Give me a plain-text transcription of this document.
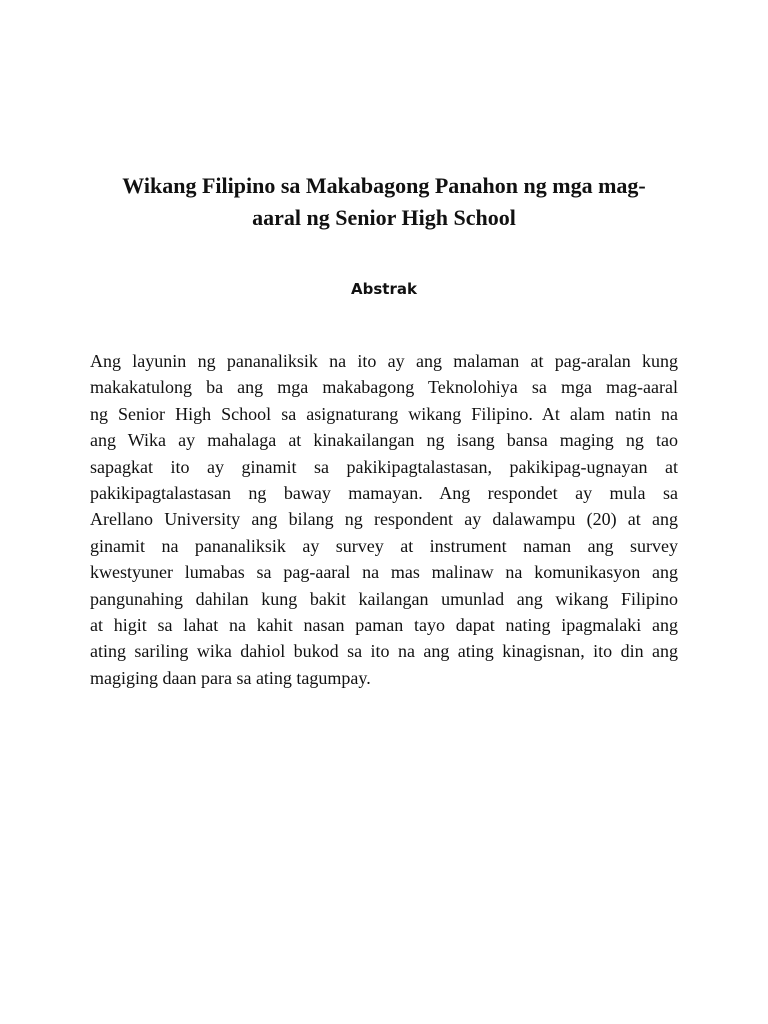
Wikang Filipino sa Makabagong Panahon ng mga mag-
aaral ng Senior High School
Abstrak

Ang layunin ng pananaliksik na ito ay ang malaman at pag-aralan kung
makakatulong ba ang mga makabagong Teknolohiya sa mga mag-aaral
ng Senior High School sa asignaturang wikang Filipino. At alam natin na
ang Wika ay mahalaga at kinakailangan ng isang bansa maging ng tao
sapagkat ito ay ginamit sa pakikipagtalastasan, pakikipag-ugnayan at
pakikipagtalastasan ng baway mamayan. Ang respondet ay mula sa
Arellano University ang bilang ng respondent ay dalawampu (20) at ang
ginamit na pananaliksik ay survey at instrument naman ang survey
kwestyuner lumabas sa pag-aaral na mas malinaw na komunikasyon ang
pangunahing dahilan kung bakit kailangan umunlad ang wikang Filipino
at higit sa lahat na kahit nasan paman tayo dapat nating ipagmalaki ang
ating sariling wika dahiol bukod sa ito na ang ating kinagisnan, ito din ang
magiging daan para sa ating tagumpay.
